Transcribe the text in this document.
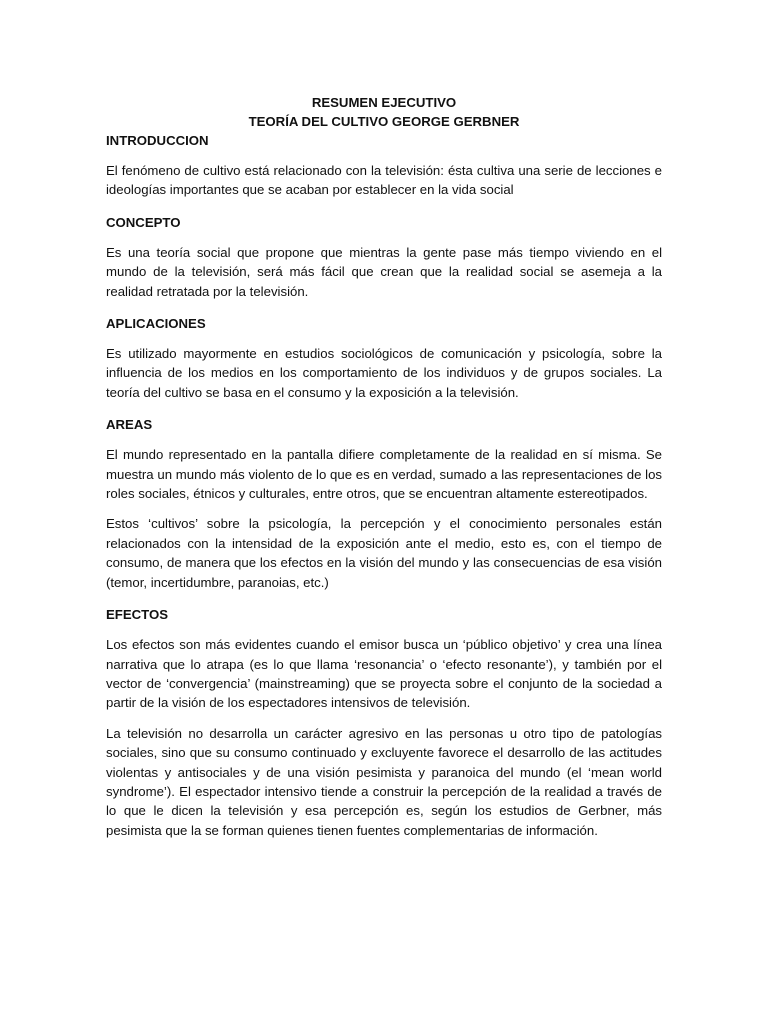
RESUMEN EJECUTIVO

TEORÍA DEL CULTIVO GEORGE GERBNER

INTRODUCCION

El fenómeno de cultivo está relacionado con la televisión: ésta cultiva una serie de lecciones e ideologías importantes que se acaban por establecer en la vida social

CONCEPTO

Es una teoría social que propone que mientras la gente pase más tiempo viviendo en el mundo de la televisión, será más fácil que crean que la realidad social se asemeja a la realidad retratada por la televisión.

APLICACIONES

Es utilizado mayormente en estudios sociológicos de comunicación y psicología, sobre la influencia de los medios en los comportamiento de los individuos y de grupos sociales. La teoría del cultivo se basa en el consumo y la exposición a la televisión.

AREAS

El mundo representado en la pantalla difiere completamente de la realidad en sí misma. Se muestra un mundo más violento de lo que es en verdad, sumado a las representaciones de los roles sociales, étnicos y culturales, entre otros, que se encuentran altamente estereotipados.

Estos ‘cultivos’ sobre la psicología, la percepción y el conocimiento personales están relacionados con la intensidad de la exposición ante el medio, esto es, con el tiempo de consumo, de manera que los efectos en la visión del mundo y las consecuencias de esa visión (temor, incertidumbre, paranoias, etc.)

EFECTOS

Los efectos son más evidentes cuando el emisor busca un ‘público objetivo’ y crea una línea narrativa que lo atrapa (es lo que llama ‘resonancia’ o ‘efecto resonante’), y también por el vector de ‘convergencia’ (mainstreaming) que se proyecta sobre el conjunto de la sociedad a partir de la visión de los espectadores intensivos de televisión.

La televisión no desarrolla un carácter agresivo en las personas u otro tipo de patologías sociales, sino que su consumo continuado y excluyente favorece el desarrollo de las actitudes violentas y antisociales y de una visión pesimista y paranoica del mundo (el ‘mean world syndrome’). El espectador intensivo tiende a construir la percepción de la realidad a través de lo que le dicen la televisión y esa percepción es, según los estudios de Gerbner, más pesimista que la se forman quienes tienen fuentes complementarias de información.
